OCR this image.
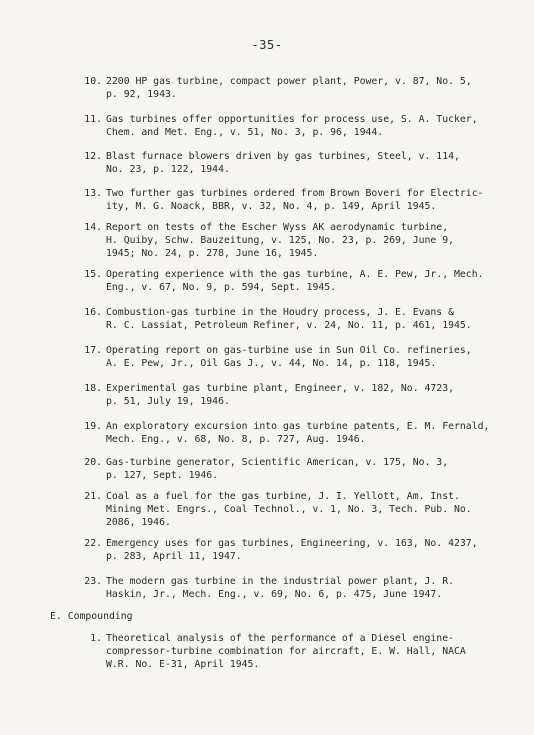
-35-
10. 2200 HP gas turbine, compact power plant, Power, v. 87, No. 5,
p. 92, 1943.
11. Gas turbines offer opportunities for process use, S. A. Tucker,
Chem. and Met. Eng., v. 51, No. 3, p. 96, 1944.
12. Blast furnace blowers driven by gas turbines, Steel, v. 114,
No. 23, p. 122, 1944.
13. Two further gas turbines ordered from Brown Boveri for Electric-
ity, M. G. Noack, BBR, v. 32, No. 4, p. 149, April 1945.
14. Report on tests of the Escher Wyss AK aerodynamic turbine,
H. Quiby, Schw. Bauzeitung, v. 125, No. 23, p. 269, June 9,
1945; No. 24, p. 278, June 16, 1945.
15. Operating experience with the gas turbine, A. E. Pew, Jr., Mech.
Eng., v. 67, No. 9, p. 594, Sept. 1945.
16. Combustion-gas turbine in the Houdry process, J. E. Evans &
R. C. Lassiat, Petroleum Refiner, v. 24, No. 11, p. 461, 1945.
17. Operating report on gas-turbine use in Sun Oil Co. refineries,
A. E. Pew, Jr., Oil Gas J., v. 44, No. 14, p. 118, 1945.
18. Experimental gas turbine plant, Engineer, v. 182, No. 4723,
p. 51, July 19, 1946.
19. An exploratory excursion into gas turbine patents, E. M. Fernald,
Mech. Eng., v. 68, No. 8, p. 727, Aug. 1946.
20. Gas-turbine generator, Scientific American, v. 175, No. 3,
p. 127, Sept. 1946.
21. Coal as a fuel for the gas turbine, J. I. Yellott, Am. Inst.
Mining Met. Engrs., Coal Technol., v. 1, No. 3, Tech. Pub. No.
2086, 1946.
22. Emergency uses for gas turbines, Engineering, v. 163, No. 4237,
p. 283, April 11, 1947.
23. The modern gas turbine in the industrial power plant, J. R.
Haskin, Jr., Mech. Eng., v. 69, No. 6, p. 475, June 1947.
E. Compounding
1. Theoretical analysis of the performance of a Diesel engine-
compressor-turbine combination for aircraft, E. W. Hall, NACA
W.R. No. E-31, April 1945.
